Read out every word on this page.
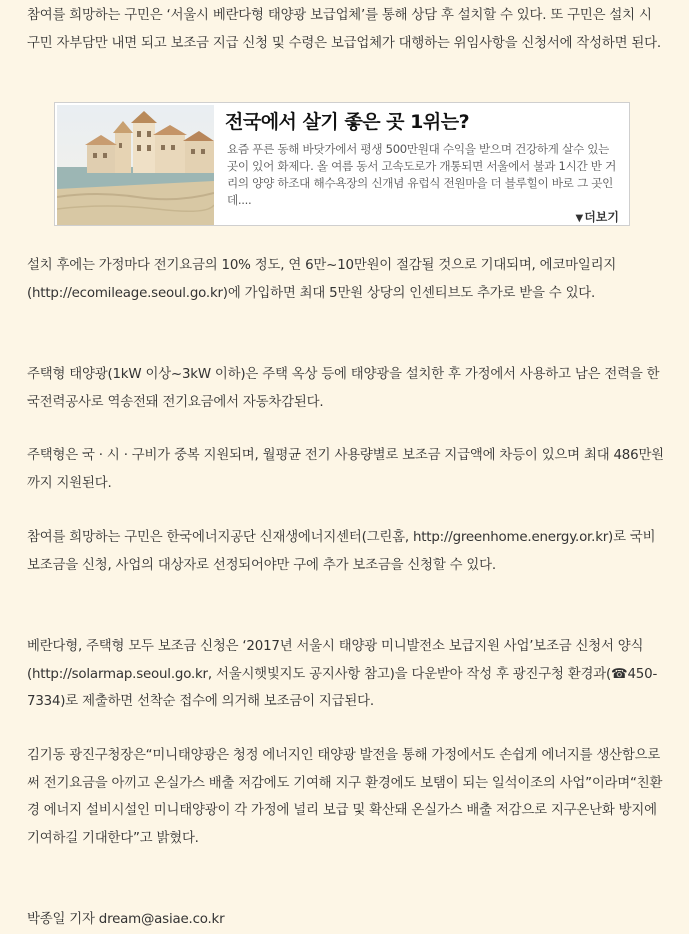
참여를 희망하는 구민은 ‘서울시 베란다형 태양광 보급업체’를 통해 상담 후 설치할 수 있다. 또 구민은 설치 시 구민 자부담만 내면 되고 보조금 지급 신청 및 수령은 보급업체가 대행하는 위임사항을 신청서에 작성하면 된다.

전국에서 살기 좋은 곳 1위는?
요즘 푸른 동해 바닷가에서 평생 500만원대 수익을 받으며 건강하게 살수 있는 곳이 있어 화제다. 올 여름 동서 고속도로가 개통되면 서울에서 불과 1시간 반 거리의 양양 하조대 해수욕장의 신개념 유럽식 전원마을 더 블루힐이 바로 그 곳인데....
▼더보기

설치 후에는 가정마다 전기요금의 10% 정도, 연 6만~10만원이 절감될 것으로 기대되며, 에코마일리지(http://ecomileage.seoul.go.kr)에 가입하면 최대 5만원 상당의 인센티브도 추가로 받을 수 있다.

주택형 태양광(1kW 이상~3kW 이하)은 주택 옥상 등에 태양광을 설치한 후 가정에서 사용하고 남은 전력을 한국전력공사로 역송전돼 전기요금에서 자동차감된다.

주택형은 국 · 시 · 구비가 중복 지원되며, 월평균 전기 사용량별로 보조금 지급액에 차등이 있으며 최대 486만원까지 지원된다.

참여를 희망하는 구민은 한국에너지공단 신재생에너지센터(그린홈, http://greenhome.energy.or.kr)로 국비 보조금을 신청, 사업의 대상자로 선정되어야만 구에 추가 보조금을 신청할 수 있다.

베란다형, 주택형 모두 보조금 신청은 ‘2017년 서울시 태양광 미니발전소 보급지원 사업’보조금 신청서 양식(http://solarmap.seoul.go.kr, 서울시햇빛지도 공지사항 참고)을 다운받아 작성 후 광진구청 환경과(☎450-7334)로 제출하면 선착순 접수에 의거해 보조금이 지급된다.

김기동 광진구청장은“미니태양광은 청정 에너지인 태양광 발전을 통해 가정에서도 손쉽게 에너지를 생산함으로써 전기요금을 아끼고 온실가스 배출 저감에도 기여해 지구 환경에도 보탬이 되는 일석이조의 사업”이라며“친환경 에너지 설비시설인 미니태양광이 각 가정에 널리 보급 및 확산돼 온실가스 배출 저감으로 지구온난화 방지에 기여하길 기대한다”고 밝혔다.

박종일 기자 dream@asiae.co.kr
